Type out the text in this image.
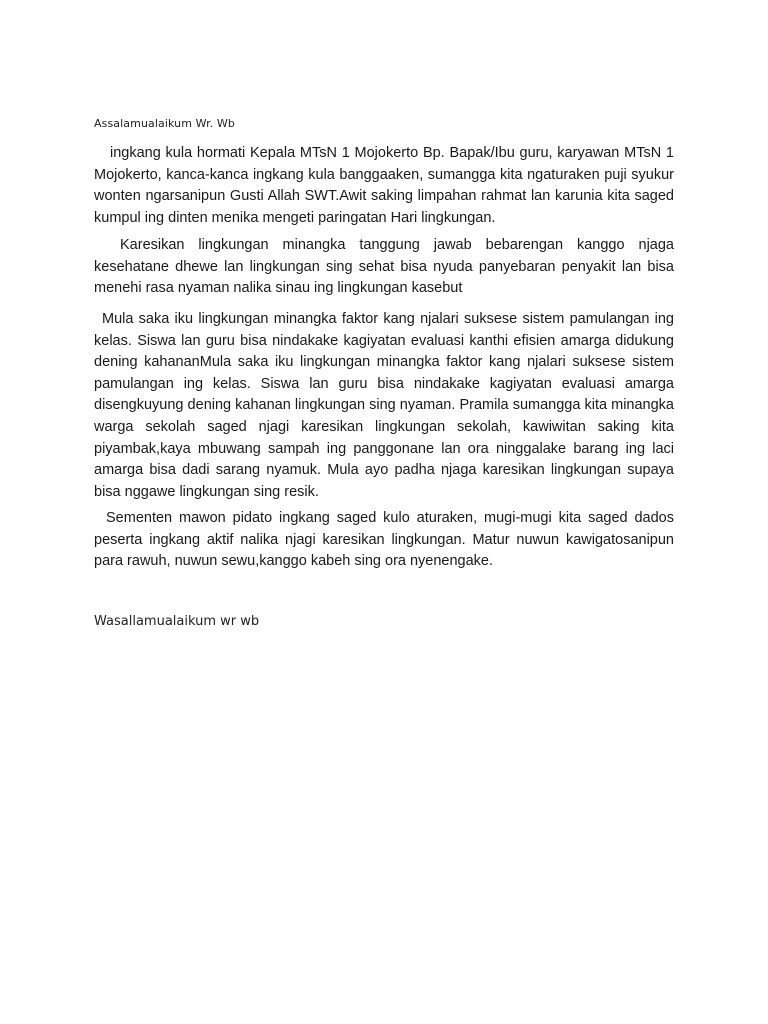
Assalamualaikum Wr. Wb

ingkang kula hormati Kepala MTsN 1 Mojokerto Bp. Bapak/Ibu guru, karyawan MTsN 1 Mojokerto, kanca-kanca ingkang kula banggaaken, sumangga kita ngaturaken puji syukur wonten ngarsanipun Gusti Allah SWT.Awit saking limpahan rahmat lan karunia kita saged kumpul ing dinten menika mengeti paringatan Hari lingkungan.

Karesikan lingkungan minangka tanggung jawab bebarengan kanggo njaga kesehatane dhewe lan lingkungan sing sehat bisa nyuda panyebaran penyakit lan bisa menehi rasa nyaman nalika sinau ing lingkungan kasebut

Mula saka iku lingkungan minangka faktor kang njalari suksese sistem pamulangan ing kelas. Siswa lan guru bisa nindakake kagiyatan evaluasi kanthi efisien amarga didukung dening kahananMula saka iku lingkungan minangka faktor kang njalari suksese sistem pamulangan ing kelas. Siswa lan guru bisa nindakake kagiyatan evaluasi amarga disengkuyung dening kahanan lingkungan sing nyaman. Pramila sumangga kita minangka warga sekolah saged njagi karesikan lingkungan sekolah, kawiwitan saking kita piyambak,kaya mbuwang sampah ing panggonane lan ora ninggalake barang ing laci amarga bisa dadi sarang nyamuk. Mula ayo padha njaga karesikan lingkungan supaya bisa nggawe lingkungan sing resik.

Sementen mawon pidato ingkang saged kulo aturaken, mugi-mugi kita saged dados peserta ingkang aktif nalika njagi karesikan lingkungan. Matur nuwun kawigatosanipun para rawuh, nuwun sewu,kanggo kabeh sing ora nyenengake.

Wasallamualaikum wr wb
